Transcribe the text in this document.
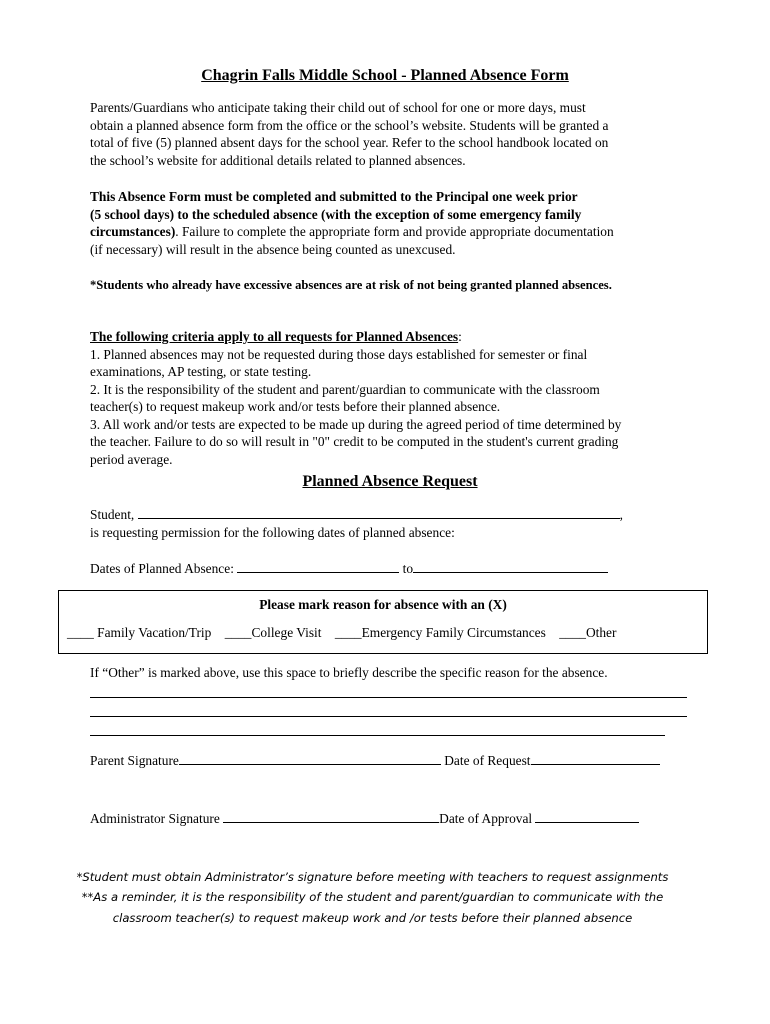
Chagrin Falls Middle School - Planned Absence Form
Parents/Guardians who anticipate taking their child out of school for one or more days, must
obtain a planned absence form from the office or the school’s website. Students will be granted a
total of five (5) planned absent days for the school year. Refer to the school handbook located on
the school’s website for additional details related to planned absences.
This Absence Form must be completed and submitted to the Principal one week prior
(5 school days) to the scheduled absence (with the exception of some emergency family
circumstances). Failure to complete the appropriate form and provide appropriate documentation
(if necessary) will result in the absence being counted as unexcused.
*Students who already have excessive absences are at risk of not being granted planned absences.
The following criteria apply to all requests for Planned Absences:
1. Planned absences may not be requested during those days established for semester or final
examinations, AP testing, or state testing.
2. It is the responsibility of the student and parent/guardian to communicate with the classroom
teacher(s) to request makeup work and/or tests before their planned absence.
3. All work and/or tests are expected to be made up during the agreed period of time determined by
the teacher. Failure to do so will result in "0" credit to be computed in the student's current grading
period average.
Planned Absence Request
Student,	,
is requesting permission for the following dates of planned absence:
Dates of Planned Absence:	to
Please mark reason for absence with an (X)
____ Family Vacation/Trip ____College Visit ____Emergency Family Circumstances ____Other
If “Other” is marked above, use this space to briefly describe the specific reason for the absence.
Parent Signature	Date of Request
Administrator Signature	Date of Approval
*Student must obtain Administrator’s signature before meeting with teachers to request assignments
**As a reminder, it is the responsibility of the student and parent/guardian to communicate with the
classroom teacher(s) to request makeup work and /or tests before their planned absence
